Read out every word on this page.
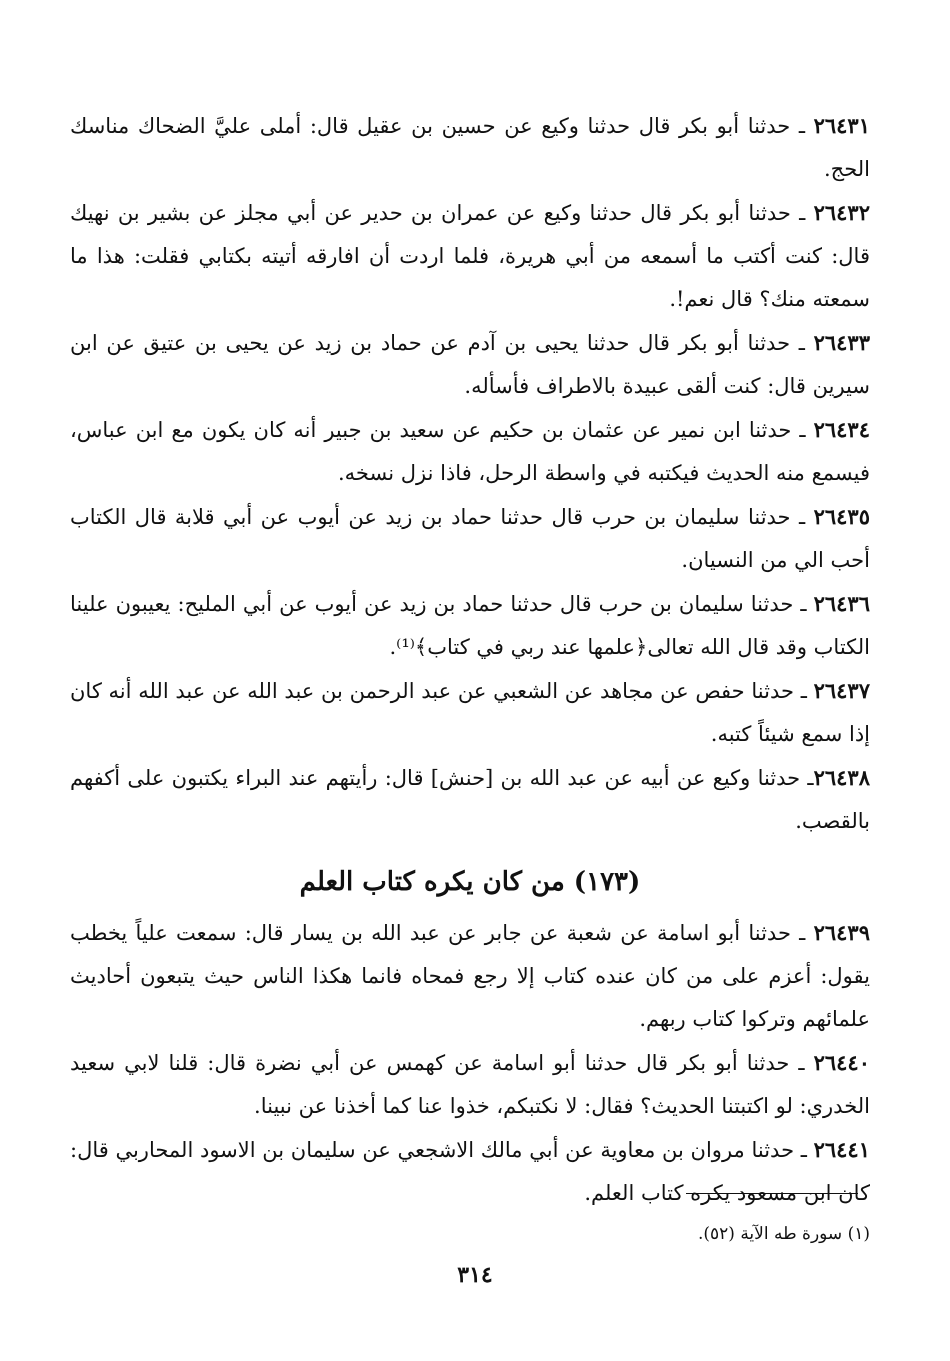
٢٦٤٣١ ـ حدثنا أبو بكر قال حدثنا وكيع عن حسين بن عقيل قال: أملى عليَّ الضحاك مناسك الحج.

٢٦٤٣٢ ـ حدثنا أبو بكر قال حدثنا وكيع عن عمران بن حدير عن أبي مجلز عن بشير بن نهيك قال: كنت أكتب ما أسمعه من أبي هريرة، فلما اردت أن افارقه أتيته بكتابي فقلت: هذا ما سمعته منك؟ قال نعم!.

٢٦٤٣٣ ـ حدثنا أبو بكر قال حدثنا يحيى بن آدم عن حماد بن زيد عن يحيى بن عتيق عن ابن سيرين قال: كنت ألقى عبيدة بالاطراف فأسأله.

٢٦٤٣٤ ـ حدثنا ابن نمير عن عثمان بن حكيم عن سعيد بن جبير أنه كان يكون مع ابن عباس، فيسمع منه الحديث فيكتبه في واسطة الرحل، فاذا نزل نسخه.

٢٦٤٣٥ ـ حدثنا سليمان بن حرب قال حدثنا حماد بن زيد عن أيوب عن أبي قلابة قال الكتاب أحب الي من النسيان.

٢٦٤٣٦ ـ حدثنا سليمان بن حرب قال حدثنا حماد بن زيد عن أيوب عن أبي المليح: يعيبون علينا الكتاب وقد قال الله تعالى﴿علمها عند ربي في كتاب﴾⁽¹⁾.

٢٦٤٣٧ ـ حدثنا حفص عن مجاهد عن الشعبي عن عبد الرحمن بن عبد الله عن عبد الله أنه كان إذا سمع شيئاً كتبه.

٢٦٤٣٨ـ حدثنا وكيع عن أبيه عن عبد الله بن [حنش] قال: رأيتهم عند البراء يكتبون على أكفهم بالقصب.

(١٧٣) من كان يكره كتاب العلم

٢٦٤٣٩ ـ حدثنا أبو اسامة عن شعبة عن جابر عن عبد الله بن يسار قال: سمعت علياً يخطب يقول: أعزم على من كان عنده كتاب إلا رجع فمحاه فانما هكذا الناس حيث يتبعون أحاديث علمائهم وتركوا كتاب ربهم.

٢٦٤٤٠ ـ حدثنا أبو بكر قال حدثنا أبو اسامة عن كهمس عن أبي نضرة قال: قلنا لابي سعيد الخدري: لو اكتبتنا الحديث؟ فقال: لا نكتبكم، خذوا عنا كما أخذنا عن نبينا.

٢٦٤٤١ ـ حدثنا مروان بن معاوية عن أبي مالك الاشجعي عن سليمان بن الاسود المحاربي قال: كان ابن مسعود يكره كتاب العلم.

(١) سورة طه الآية (٥٢).
٣١٤
